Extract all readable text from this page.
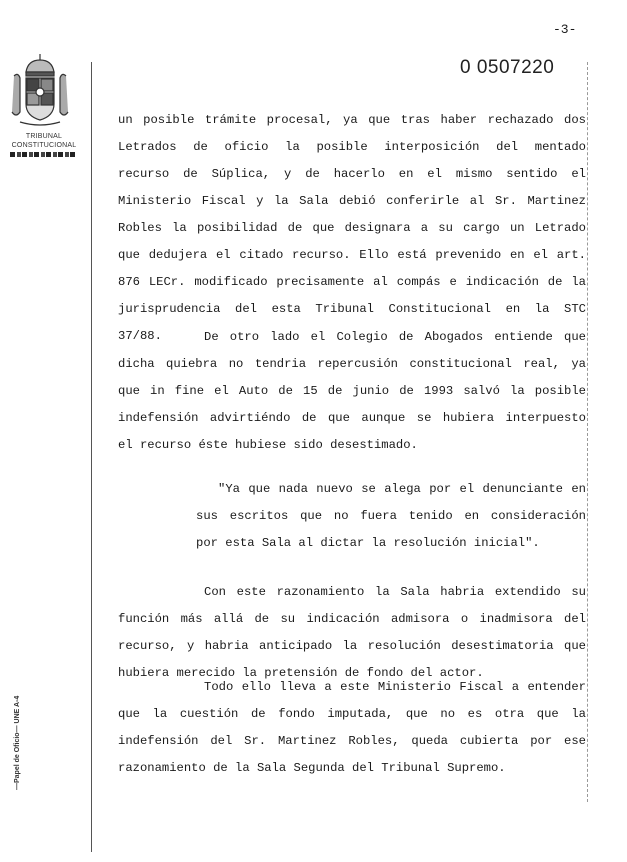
-3-
0 0507220
TRIBUNAL
CONSTITUCIONAL
—Papel de Oficio— UNE A-4
un posible trámite procesal, ya que tras haber rechazado dos
Letrados de oficio la posible interposición del mentado
recurso de Súplica, y de hacerlo en el mismo sentido el
Ministerio Fiscal y la Sala debió conferirle al Sr. Martinez
Robles la posibilidad de que designara a su cargo un Letrado
que dedujera el citado recurso. Ello está prevenido en el art.
876 LECr. modificado precisamente al compás e indicación de la
jurisprudencia del esta Tribunal Constitucional en la STC
37/88.	De otro lado el Colegio de Abogados entiende que
dicha quiebra no tendria repercusión constitucional real, ya
que in fine el Auto de 15 de junio de 1993 salvó la posible
indefensión advirtiéndo de que aunque se hubiera interpuesto
el recurso éste hubiese sido desestimado.
"Ya que nada nuevo se alega por el denunciante en
sus escritos que no fuera tenido en consideración
por esta Sala al dictar la resolución inicial".
Con este razonamiento la Sala habria extendido su
función más allá de su indicación admisora o inadmisora del
recurso, y habria anticipado la resolución desestimatoria que
hubiera merecido la pretensión de fondo del actor.
Todo ello lleva a este Ministerio Fiscal a entender
que la cuestión de fondo imputada, que no es otra que la
indefensión del Sr. Martinez Robles, queda cubierta por ese
razonamiento de la Sala Segunda del Tribunal Supremo.
